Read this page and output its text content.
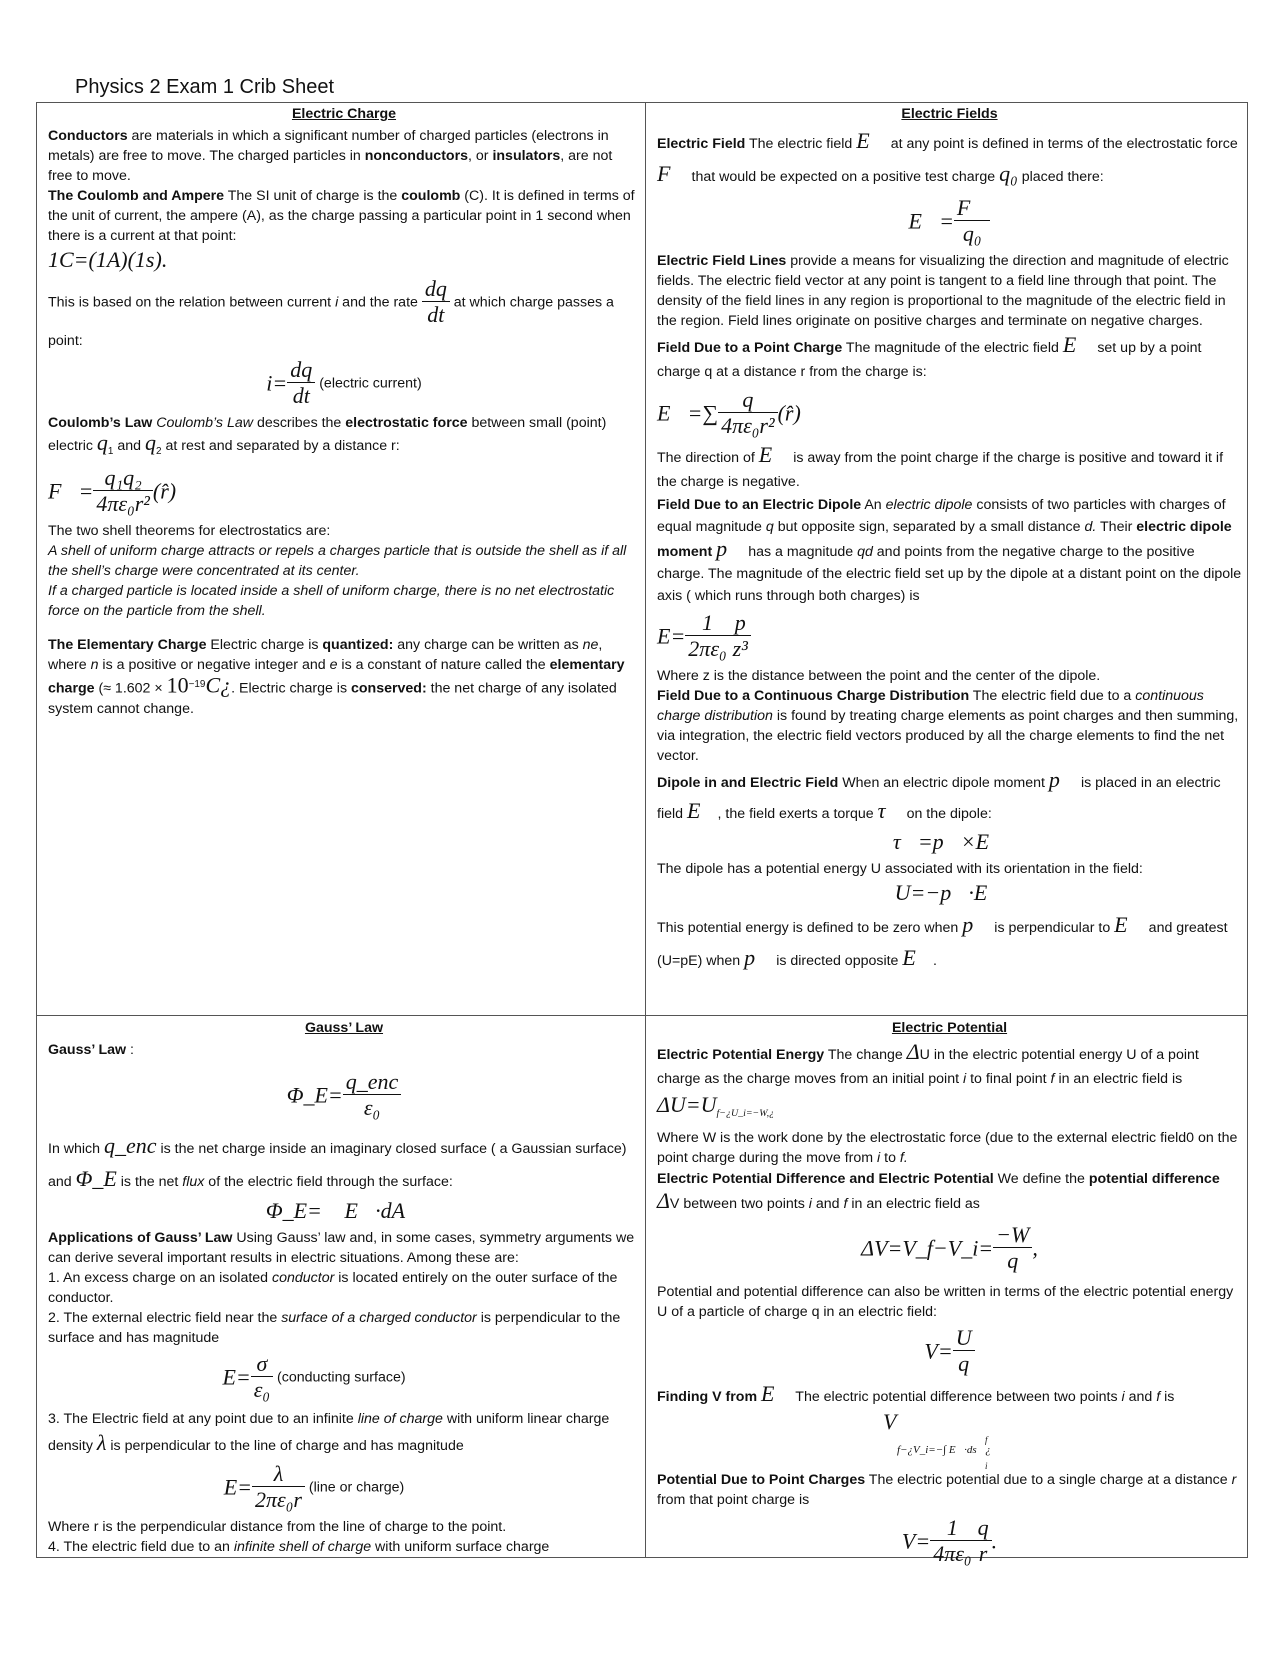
Physics 2 Exam 1 Crib Sheet
Electric Charge

Conductors are materials in which a significant number of charged particles (electrons in metals) are free to move. The charged particles in nonconductors, or insulators, are not free to move.

The Coulomb and Ampere The SI unit of charge is the coulomb (C). It is defined in terms of the unit of current, the ampere (A), as the charge passing a particular point in 1 second when there is a current at that point:

1C=(1A)(1s).

This is based on the relation between current i and the rate $\frac{dq}{dt}$ at which charge passes a point:

$i= \frac{dq}{dt}$ (electric current)

Coulomb’s Law Coulomb’s Law describes the electrostatic force between small (point) electric $q_1$ and $q_2$ at rest and separated by a distance r:

F⃗= $\frac{\text{q₁q₂}}{\text{4πε₀r²}}$ (r̂)

The two shell theorems for electrostatics are:

A shell of uniform charge attracts or repels a charges particle that is outside the shell as if all the shell’s charge were concentrated at its center.

If a charged particle is located inside a shell of uniform charge, there is no net electrostatic force on the particle from the shell.

The Elementary Charge Electric charge is quantized: any charge can be written as ne, where n is a positive or negative integer and e is a constant of nature called the elementary charge (≈ $1.602 \times 10^{-19}C¿$. Electric charge is conserved: the net charge of any isolated system cannot change.

Electric Fields

Electric Field The electric field E⃗ at any point is defined in terms of the electrostatic force F⃗ that would be expected on a positive test charge q₀ placed there:

E⃗= $\frac{F⃗}{\text{q₀}}$

Electric Field Lines provide a means for visualizing the direction and magnitude of electric fields. The electric field vector at any point is tangent to a field line through that point. The density of the field lines in any region is proportional to the magnitude of the electric field in the region. Field lines originate on positive charges and terminate on negative charges.

Field Due to a Point Charge The magnitude of the electric field E⃗ set up by a point charge q at a distance r from the charge is:

E⃗=∑ $\frac{q}{\text{4πε₀r²}}$ (r̂)

The direction of E⃗ is away from the point charge if the charge is positive and toward it if the charge is negative.

Field Due to an Electric Dipole An electric dipole consists of two particles with charges of equal magnitude q but opposite sign, separated by a small distance d. Their electric dipole moment p⃗ has a magnitude qd and points from the negative charge to the positive charge. The magnitude of the electric field set up by the dipole at a distant point on the dipole axis ( which runs through both charges) is

$E= \frac{1}{\text{2πε₀}} \frac{p}{\text{z³}}$

Where z is the distance between the point and the center of the dipole.

Field Due to a Continuous Charge Distribution The electric field due to a continuous charge distribution is found by treating charge elements as point charges and then summing, via integration, the electric field vectors produced by all the charge elements to find the net vector.

Dipole in and Electric Field When an electric dipole moment p⃗ is placed in an electric field E⃗, the field exerts a torque τ⃗ on the dipole:

τ⃗=p⃗×E⃗

The dipole has a potential energy U associated with its orientation in the field:

U=−p⃗·E⃗

This potential energy is defined to be zero when p⃗ is perpendicular to E⃗ and greatest (U=pE) when p⃗ is directed opposite E⃗.

Gauss’ Law

Gauss’ Law :

Φ_E= $\frac{\text{q\_enc}}{\text{ε₀}}$

In which q_enc is the net charge inside an imaginary closed surface ( a Gaussian surface) and Φ_E is the net flux of the electric field through the surface:

Φ_E=∮ E⃗·dA⃗

Applications of Gauss’ Law Using Gauss’ law and, in some cases, symmetry arguments we can derive several important results in electric situations. Among these are:

1. An excess charge on an isolated conductor is located entirely on the outer surface of the conductor.

2. The external electric field near the surface of a charged conductor is perpendicular to the surface and has magnitude

$E= \frac{\sigma}{\text{ε₀}}$ (conducting surface)

3. The Electric field at any point due to an infinite line of charge with uniform linear charge density λ is perpendicular to the line of charge and has magnitude

$E= \frac{\lambda}{\text{2πε₀r}}$ (line or charge)

Where r is the perpendicular distance from the line of charge to the point.

4. The electric field due to an infinite shell of charge with uniform surface charge

Electric Potential

Electric Potential Energy The change ΔU in the electric potential energy U of a point charge as the charge moves from an initial point i to final point f in an electric field is

$\Delta U=U_{f-¿U\_i=-W,¿}$

Where W is the work done by the electrostatic force (due to the external electric field0 on the point charge during the move from i to f.

Electric Potential Difference and Electric Potential We define the potential difference ΔV between two points i and f in an electric field as

ΔV=V_f−V_i= $\frac{-W}{q}$ ,

Potential and potential difference can also be written in terms of the electric potential energy U of a particle of charge q in an electric field:

$V= \frac{U}{q}$

Finding V from E⃗ The electric potential difference between two points i and f is

V
f−¿V_i=−∫ E⃗·ds⃗¿
f
i

Potential Due to Point Charges The electric potential due to a single charge at a distance r from that point charge is

$V= \frac{1}{\text{4πε₀}} \frac{q}{r}$ .
